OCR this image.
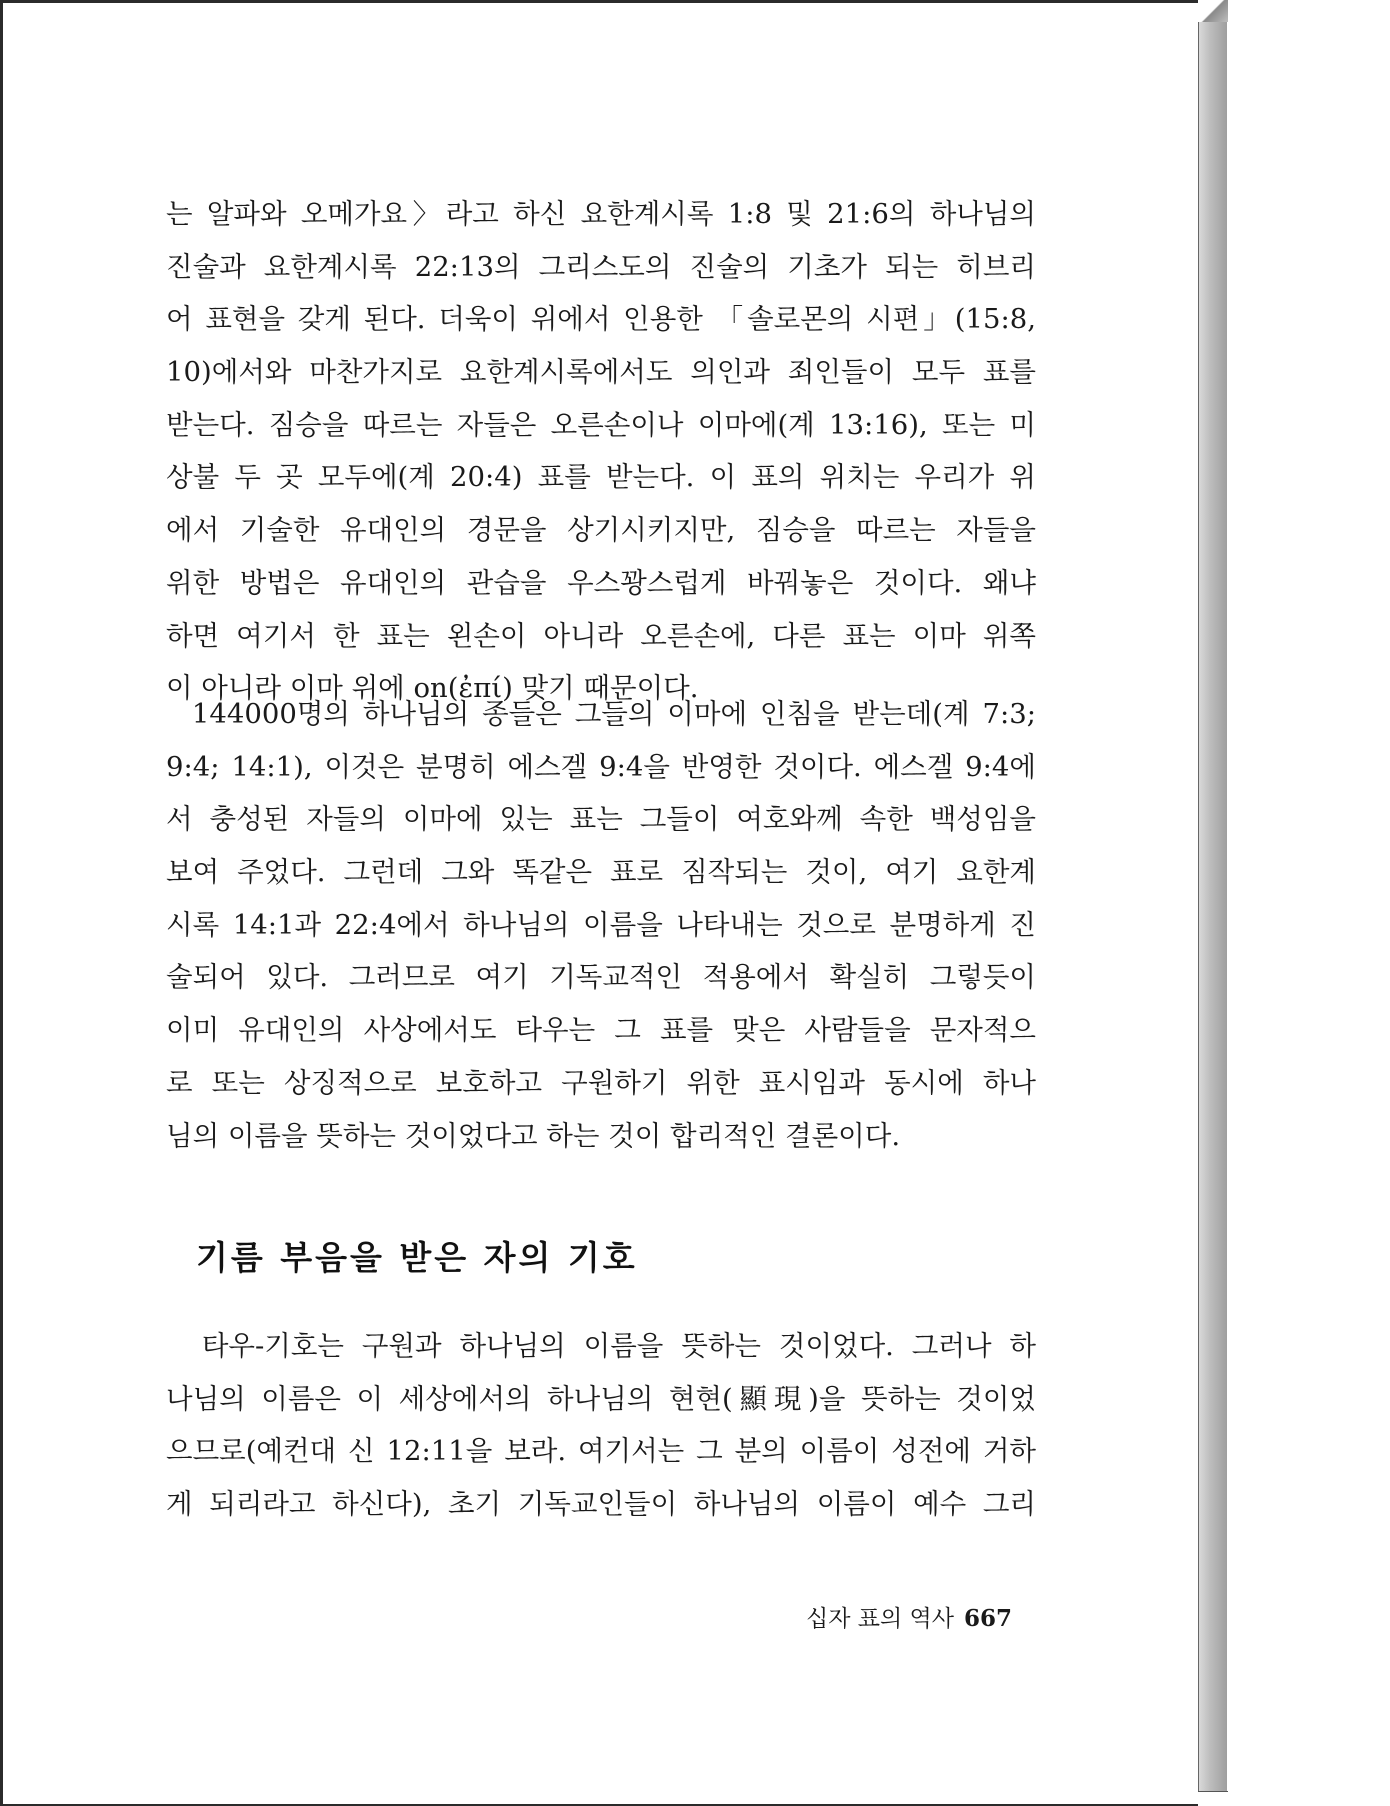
는 알파와 오메가요〉라고 하신 요한계시록 1:8 및 21:6의 하나님의
진술과 요한계시록 22:13의 그리스도의 진술의 기초가 되는 히브리
어 표현을 갖게 된다. 더욱이 위에서 인용한 「솔로몬의 시편」(15:8,
10)에서와 마찬가지로 요한계시록에서도 의인과 죄인들이 모두 표를
받는다. 짐승을 따르는 자들은 오른손이나 이마에(계 13:16), 또는 미
상불 두 곳 모두에(계 20:4) 표를 받는다. 이 표의 위치는 우리가 위
에서 기술한 유대인의 경문을 상기시키지만, 짐승을 따르는 자들을
위한 방법은 유대인의 관습을 우스꽝스럽게 바꿔놓은 것이다. 왜냐
하면 여기서 한 표는 왼손이 아니라 오른손에, 다른 표는 이마 위쪽
이 아니라 이마 위에 on(ἐπί) 맞기 때문이다.
144000명의 하나님의 종들은 그들의 이마에 인침을 받는데(계 7:3;
9:4; 14:1), 이것은 분명히 에스겔 9:4을 반영한 것이다. 에스겔 9:4에
서 충성된 자들의 이마에 있는 표는 그들이 여호와께 속한 백성임을
보여 주었다. 그런데 그와 똑같은 표로 짐작되는 것이, 여기 요한계
시록 14:1과 22:4에서 하나님의 이름을 나타내는 것으로 분명하게 진
술되어 있다. 그러므로 여기 기독교적인 적용에서 확실히 그렇듯이
이미 유대인의 사상에서도 타우는 그 표를 맞은 사람들을 문자적으
로 또는 상징적으로 보호하고 구원하기 위한 표시임과 동시에 하나
님의 이름을 뜻하는 것이었다고 하는 것이 합리적인 결론이다.
기름 부음을 받은 자의 기호
타우-기호는 구원과 하나님의 이름을 뜻하는 것이었다. 그러나 하
나님의 이름은 이 세상에서의 하나님의 현현(顯現)을 뜻하는 것이었
으므로(예컨대 신 12:11을 보라. 여기서는 그 분의 이름이 성전에 거하
게 되리라고 하신다), 초기 기독교인들이 하나님의 이름이 예수 그리
십자 표의 역사 667
